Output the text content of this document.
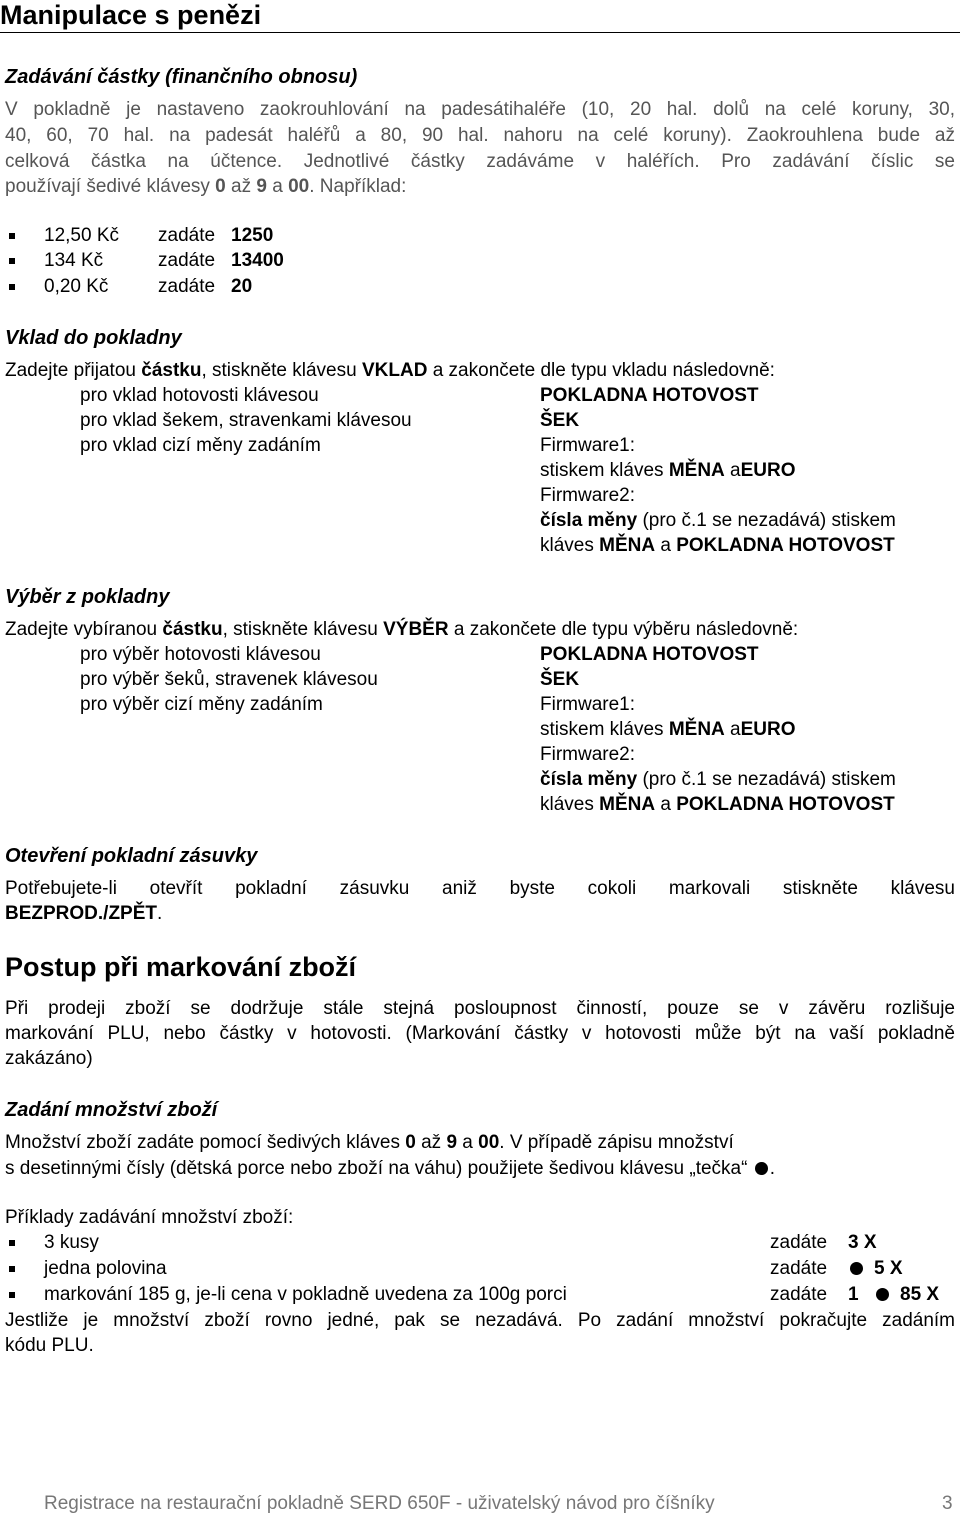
Manipulace s penězi
Zadávání částky (finančního obnosu)
V pokladně je nastaveno zaokrouhlování na padesátihaléře (10, 20 hal. dolů na celé koruny, 30,
40, 60, 70 hal. na padesát haléřů a 80, 90 hal. nahoru na celé koruny). Zaokrouhlena bude až
celková částka na účtence. Jednotlivé částky zadáváme v haléřích. Pro zadávání číslic se
používají šedivé klávesy 0 až 9 a 00. Například:
12,50 Kč zadáte 1250
134 Kč	zadáte 13400
0,20 Kč	zadáte 20
Vklad do pokladny
Zadejte přijatou částku, stiskněte klávesu VKLAD a zakončete dle typu vkladu následovně:
pro vklad hotovosti klávesou	POKLADNA HOTOVOST
pro vklad šekem, stravenkami klávesou	ŠEK
pro vklad cizí měny zadáním	Firmware1:
stiskem kláves MĚNA aEURO
Firmware2:
čísla měny (pro č.1 se nezadává) stiskem
kláves MĚNA a POKLADNA HOTOVOST
Výběr z pokladny
Zadejte vybíranou částku, stiskněte klávesu VÝBĚR a zakončete dle typu výběru následovně:
pro výběr hotovosti klávesou	POKLADNA HOTOVOST
pro výběr šeků, stravenek klávesou	ŠEK
pro výběr cizí měny zadáním	Firmware1:
stiskem kláves MĚNA aEURO
Firmware2:
čísla měny (pro č.1 se nezadává) stiskem
kláves MĚNA a POKLADNA HOTOVOST
Otevření pokladní zásuvky
Potřebujete-li otevřít pokladní zásuvku aniž byste cokoli markovali stiskněte klávesu
BEZPROD./ZPĚT.
Postup při markování zboží
Při prodeji zboží se dodržuje stále stejná posloupnost činností, pouze se v závěru rozlišuje
markování PLU, nebo částky v hotovosti. (Markování částky v hotovosti může být na vaší pokladně
zakázáno)
Zadání množství zboží
Množství zboží zadáte pomocí šedivých kláves 0 až 9 a 00. V případě zápisu množství
s desetinnými čísly (dětská porce nebo zboží na váhu) použijete šedivou klávesu „tečka“ .
Příklady zadávání množství zboží:
3 kusy	zadáte 3 X
jedna polovina	zadáte 5 X
markování 185 g, je-li cena v pokladně uvedena za 100g porci	zadáte 1 85 X
Jestliže je množství zboží rovno jedné, pak se nezadává. Po zadání množství pokračujte zadáním
kódu PLU.
Registrace na restaurační pokladně SERD 650F - uživatelský návod pro číšníky	3
